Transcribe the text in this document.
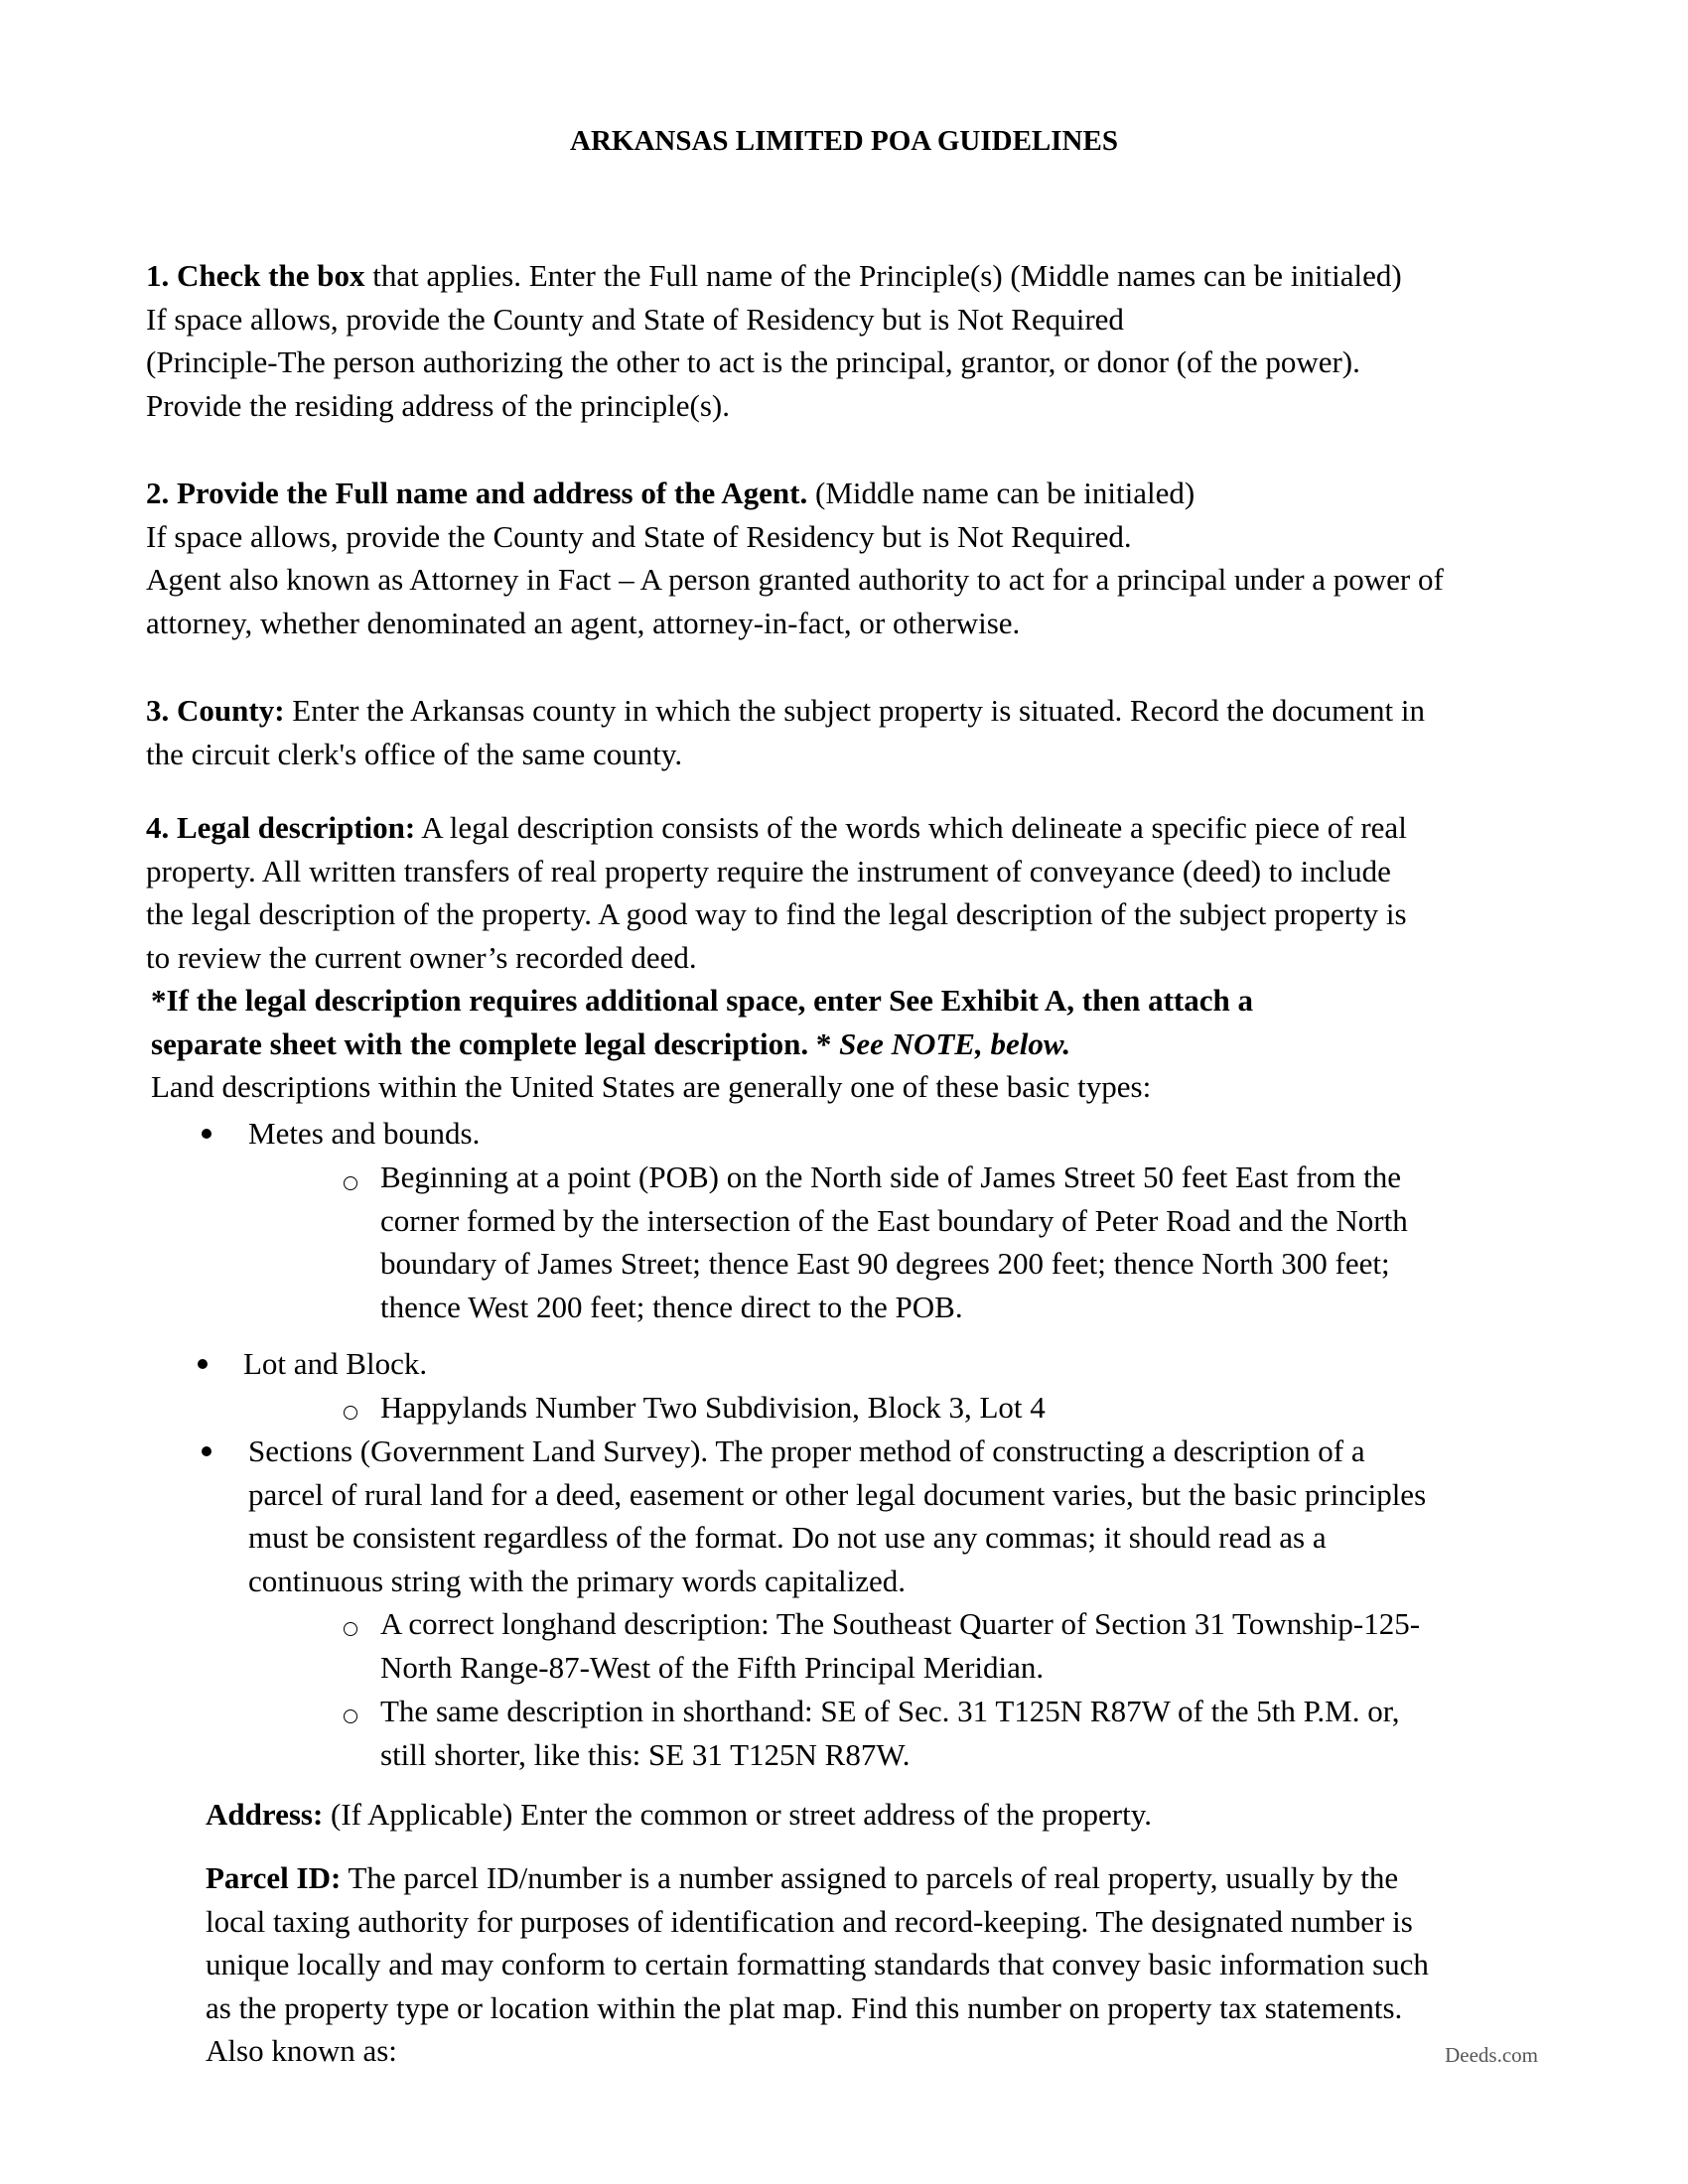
ARKANSAS LIMITED POA GUIDELINES

1. Check the box that applies. Enter the Full name of the Principle(s) (Middle names can be initialed)

If space allows, provide the County and State of Residency but is Not Required

(Principle-The person authorizing the other to act is the principal, grantor, or donor (of the power).

Provide the residing address of the principle(s).

2. Provide the Full name and address of the Agent. (Middle name can be initialed)

If space allows, provide the County and State of Residency but is Not Required.

Agent also known as Attorney in Fact – A person granted authority to act for a principal under a power of

attorney, whether denominated an agent, attorney-in-fact, or otherwise.

3. County: Enter the Arkansas county in which the subject property is situated. Record the document in

the circuit clerk's office of the same county.

4. Legal description: A legal description consists of the words which delineate a specific piece of real

property. All written transfers of real property require the instrument of conveyance (deed) to include

the legal description of the property. A good way to find the legal description of the subject property is

to review the current owner’s recorded deed.

*If the legal description requires additional space, enter See Exhibit A, then attach a

separate sheet with the complete legal description. * See NOTE, below.

Land descriptions within the United States are generally one of these basic types:

Metes and bounds.

Beginning at a point (POB) on the North side of James Street 50 feet East from the

corner formed by the intersection of the East boundary of Peter Road and the North

boundary of James Street; thence East 90 degrees 200 feet; thence North 300 feet;

thence West 200 feet; thence direct to the POB.

Lot and Block.
Happylands Number Two Subdivision, Block 3, Lot 4

Sections (Government Land Survey). The proper method of constructing a description of a

parcel of rural land for a deed, easement or other legal document varies, but the basic principles

must be consistent regardless of the format. Do not use any commas; it should read as a

continuous string with the primary words capitalized.

A correct longhand description: The Southeast Quarter of Section 31 Township-125-

North Range-87-West of the Fifth Principal Meridian.

The same description in shorthand: SE of Sec. 31 T125N R87W of the 5th P.M. or,

still shorter, like this: SE 31 T125N R87W.

Address: (If Applicable) Enter the common or street address of the property.

Parcel ID: The parcel ID/number is a number assigned to parcels of real property, usually by the

local taxing authority for purposes of identification and record-keeping. The designated number is

unique locally and may conform to certain formatting standards that convey basic information such

as the property type or location within the plat map. Find this number on property tax statements.

Also known as:	Deeds.com
